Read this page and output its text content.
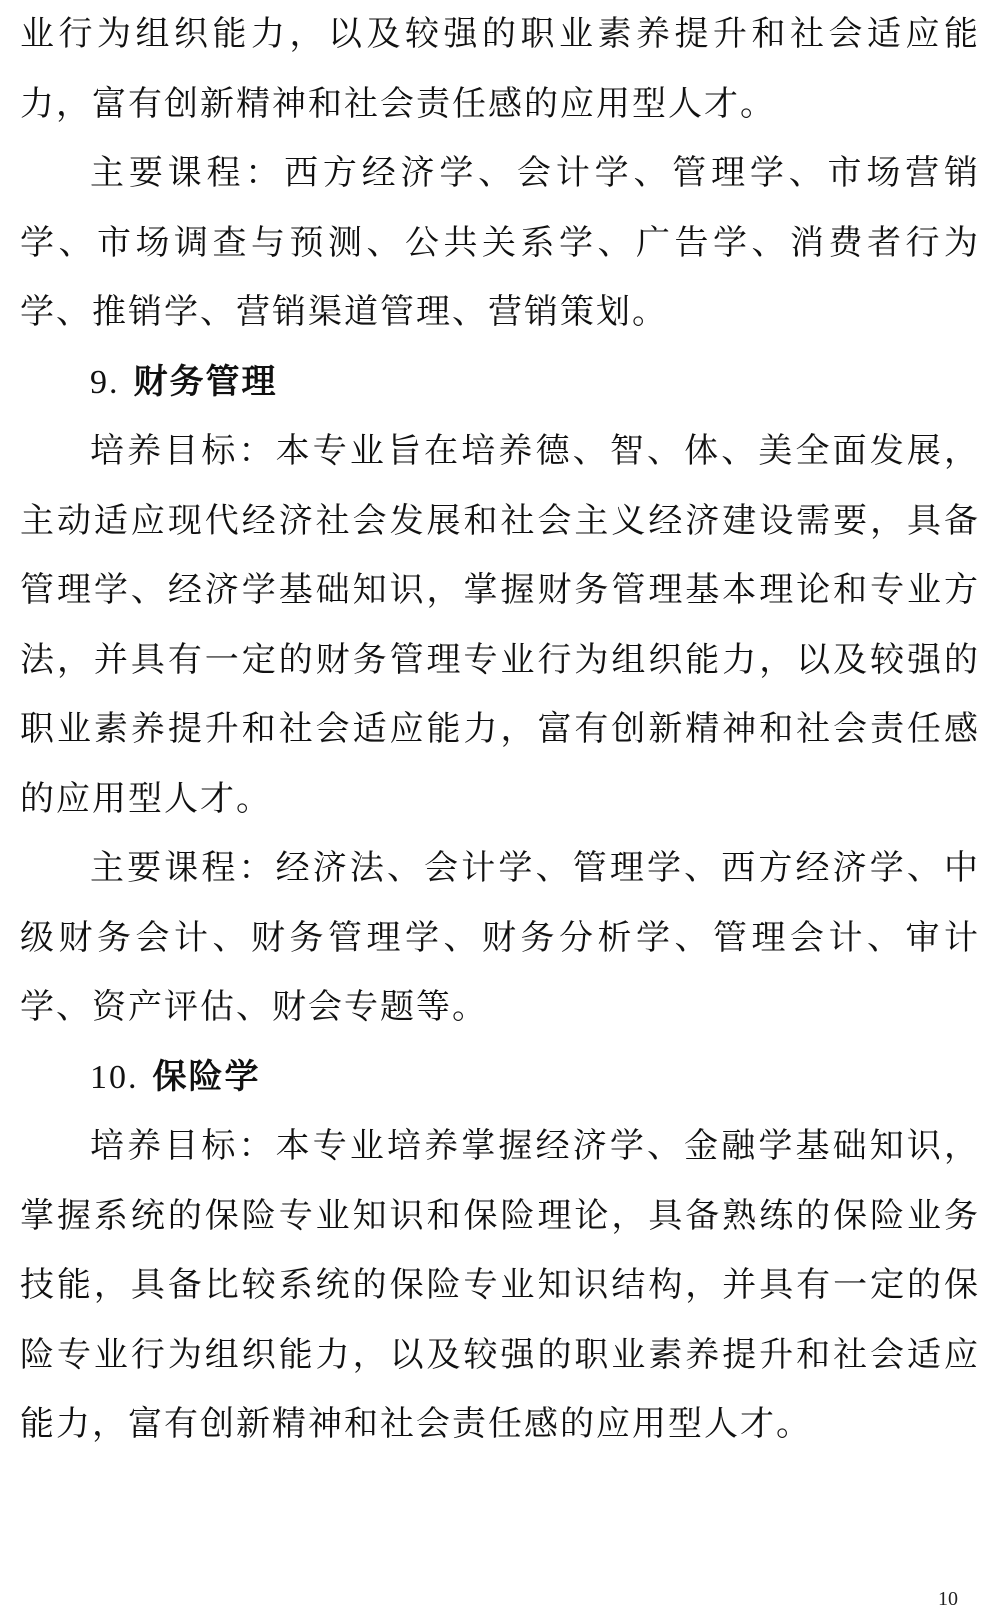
业行为组织能力，以及较强的职业素养提升和社会适应能力，富有创新精神和社会责任感的应用型人才。

主要课程：西方经济学、会计学、管理学、市场营销学、市场调查与预测、公共关系学、广告学、消费者行为学、推销学、营销渠道管理、营销策划。

9. 财务管理

培养目标：本专业旨在培养德、智、体、美全面发展，主动适应现代经济社会发展和社会主义经济建设需要，具备管理学、经济学基础知识，掌握财务管理基本理论和专业方法，并具有一定的财务管理专业行为组织能力，以及较强的职业素养提升和社会适应能力，富有创新精神和社会责任感的应用型人才。

主要课程：经济法、会计学、管理学、西方经济学、中级财务会计、财务管理学、财务分析学、管理会计、审计学、资产评估、财会专题等。

10. 保险学

培养目标：本专业培养掌握经济学、金融学基础知识，掌握系统的保险专业知识和保险理论，具备熟练的保险业务技能，具备比较系统的保险专业知识结构，并具有一定的保险专业行为组织能力，以及较强的职业素养提升和社会适应能力，富有创新精神和社会责任感的应用型人才。

10
